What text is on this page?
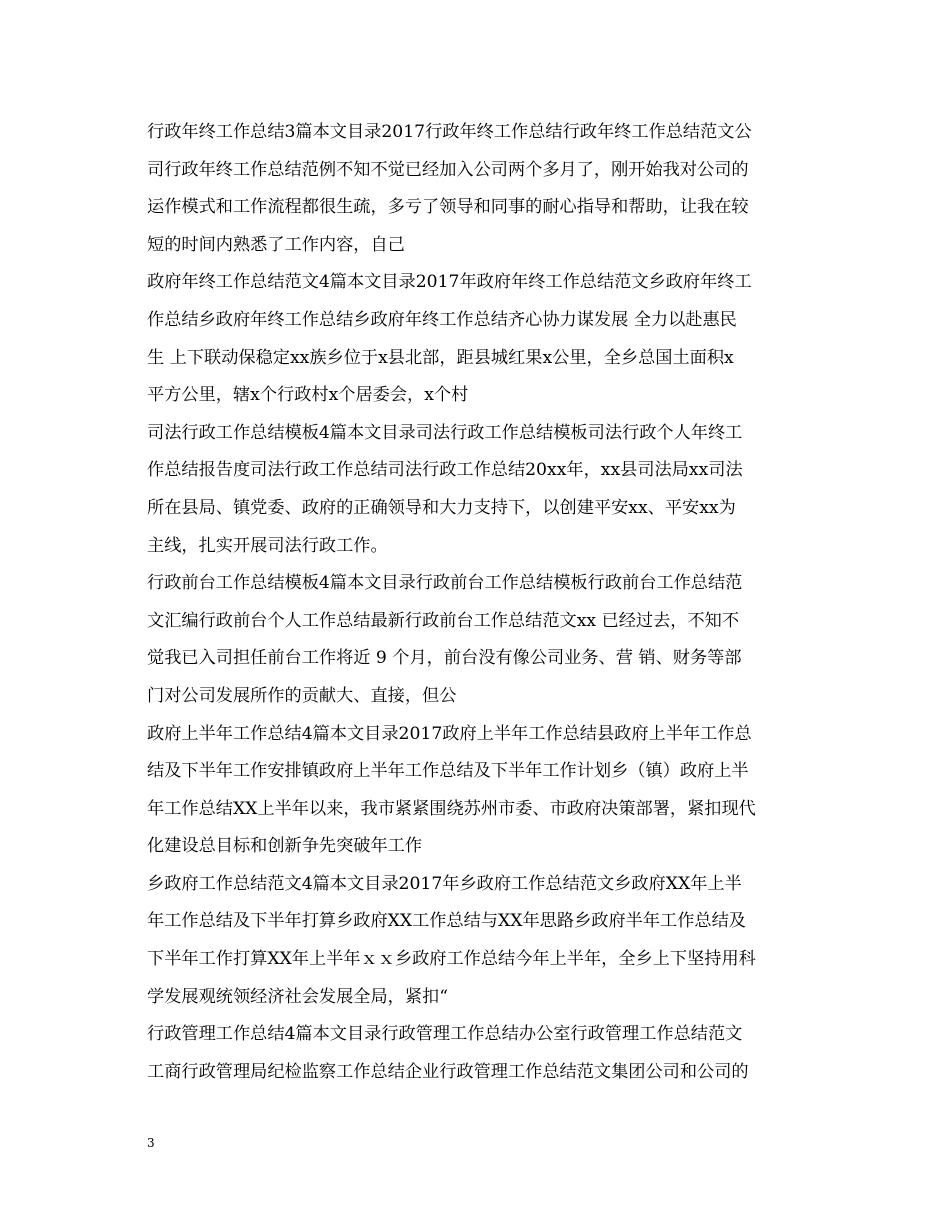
行政年终工作总结3篇本文目录2017行政年终工作总结行政年终工作总结范文公
司行政年终工作总结范例不知不觉已经加入公司两个多月了，刚开始我对公司的
运作模式和工作流程都很生疏，多亏了领导和同事的耐心指导和帮助，让我在较
短的时间内熟悉了工作内容，自己
政府年终工作总结范文4篇本文目录2017年政府年终工作总结范文乡政府年终工
作总结乡政府年终工作总结乡政府年终工作总结齐心协力谋发展 全力以赴惠民
生 上下联动保稳定xx族乡位于x县北部，距县城红果x公里，全乡总国土面积x
平方公里，辖x个行政村x个居委会，x个村
司法行政工作总结模板4篇本文目录司法行政工作总结模板司法行政个人年终工
作总结报告度司法行政工作总结司法行政工作总结20xx年，xx县司法局xx司法
所在县局、镇党委、政府的正确领导和大力支持下，以创建平安xx、平安xx为
主线，扎实开展司法行政工作。
行政前台工作总结模板4篇本文目录行政前台工作总结模板行政前台工作总结范
文汇编行政前台个人工作总结最新行政前台工作总结范文xx 已经过去，不知不
觉我已入司担任前台工作将近 9 个月，前台没有像公司业务、营 销、财务等部
门对公司发展所作的贡献大、直接，但公
政府上半年工作总结4篇本文目录2017政府上半年工作总结县政府上半年工作总
结及下半年工作安排镇政府上半年工作总结及下半年工作计划乡（镇）政府上半
年工作总结XX上半年以来，我市紧紧围绕苏州市委、市政府决策部署，紧扣现代
化建设总目标和创新争先突破年工作
乡政府工作总结范文4篇本文目录2017年乡政府工作总结范文乡政府XX年上半
年工作总结及下半年打算乡政府XX工作总结与XX年思路乡政府半年工作总结及
下半年工作打算XX年上半年ｘｘ乡政府工作总结今年上半年，全乡上下坚持用科
学发展观统领经济社会发展全局，紧扣“
行政管理工作总结4篇本文目录行政管理工作总结办公室行政管理工作总结范文
工商行政管理局纪检监察工作总结企业行政管理工作总结范文集团公司和公司的
3
